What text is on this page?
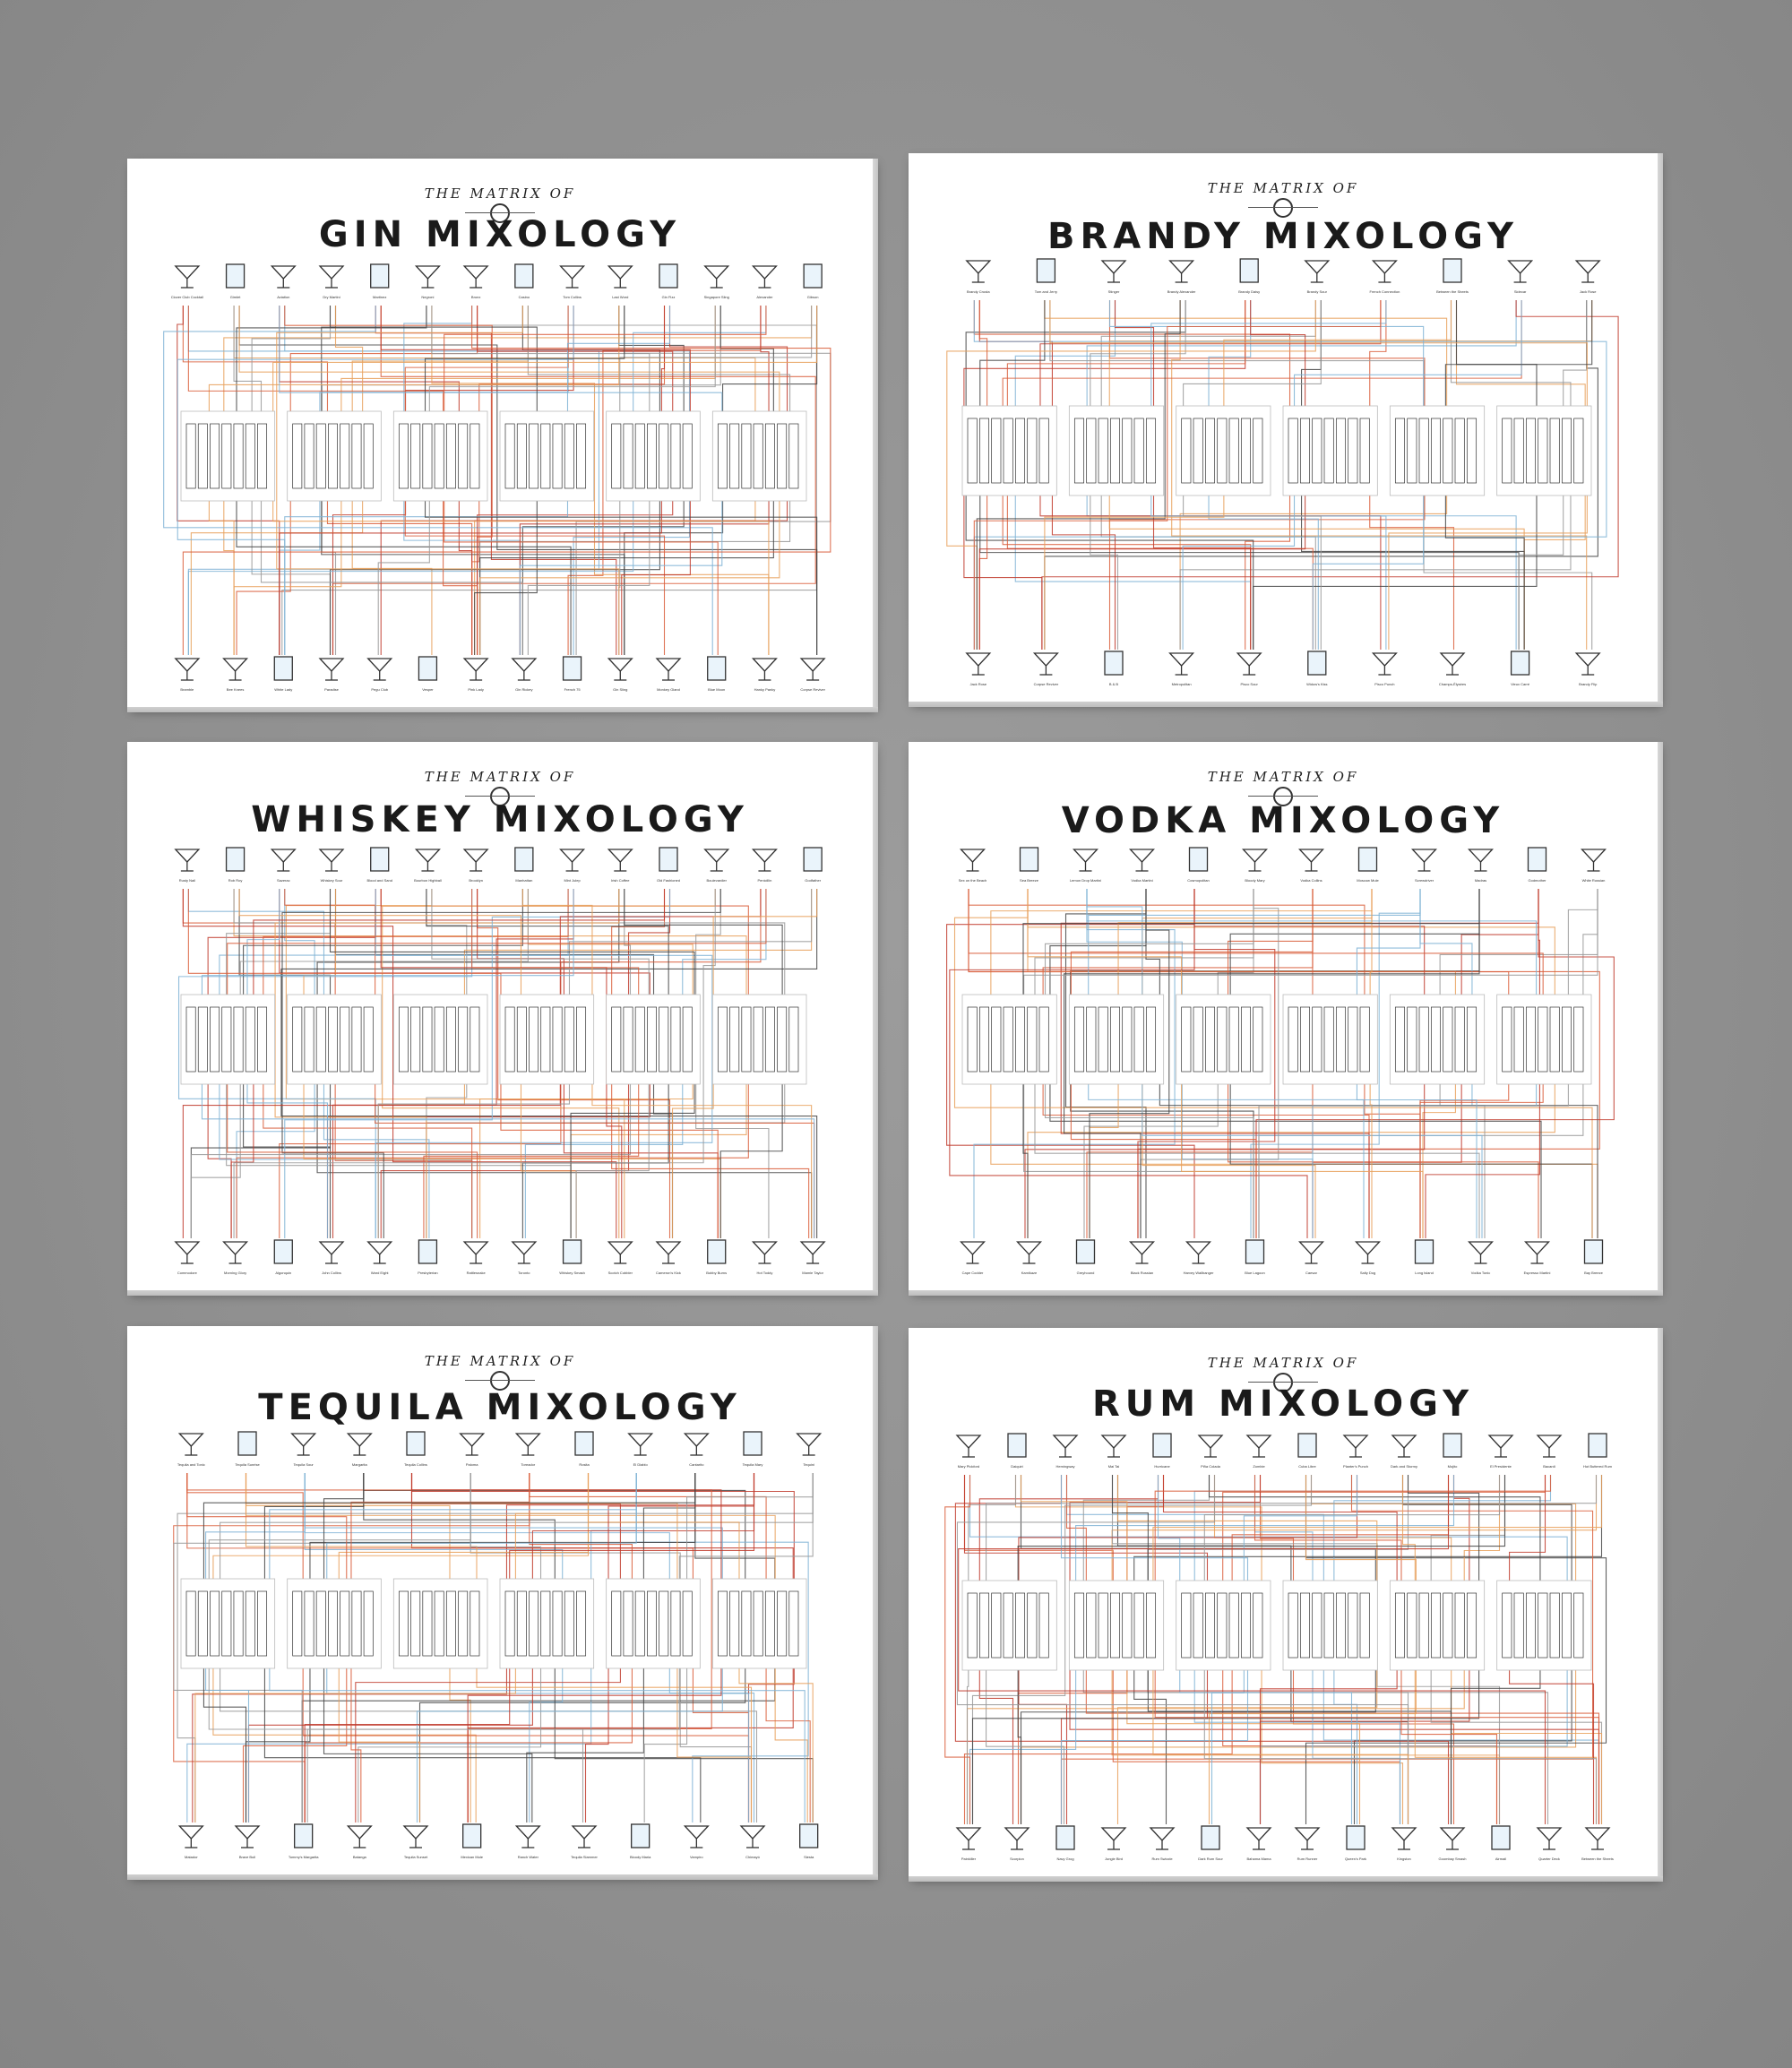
THE MATRIX OF
GIN MIXOLOGY
Clover Club Cocktail	Gimlet	Aviation	Dry Martini	Martinez	Negroni	Bronx	Casino	Tom Collins	Last Word	Gin Fizz	Singapore Sling	Alexander	Gibson
Bramble	Bee Knees	White Lady	Paradise	Pegu Club	Vesper	Pink Lady	Gin Rickey	French 75	Gin Sling	Monkey Gland	Blue Moon	Hanky Panky	Corpse Reviver
THE MATRIX OF
BRANDY MIXOLOGY
Brandy Crusta	Tom and Jerry	Stinger	Brandy Alexander	Brandy Daisy	Brandy Sour	French Connection	Between the Sheets	Sidecar	Jack Rose
Jack Rose	Corpse Reviver	B & B	Metropolitan	Pisco Sour	Widow's Kiss	Pisco Punch	Champs-Élysées	Vieux Carré	Brandy Flip
THE MATRIX OF
WHISKEY MIXOLOGY
Rusty Nail	Rob Roy	Sazerac	Whiskey Sour	Blood and Sand	Bourbon Highball	Brooklyn	Manhattan	Mint Julep	Irish Coffee	Old Fashioned	Boulevardier	Penicillin	Godfather
Commodore	Morning Glory	Algonquin	John Collins	Ward Eight	Presbyterian	Rattlesnake	Toronto	Whiskey Smash	Scotch Cobbler	Cameron's Kick	Bobby Burns	Hot Toddy	Mamie Taylor
THE MATRIX OF
VODKA MIXOLOGY
Sex on the Beach	Sea Breeze	Lemon Drop Martini	Vodka Martini	Cosmopolitan	Bloody Mary	Vodka Collins	Moscow Mule	Screwdriver	Madras	Godmother	White Russian
Cape Codder	Kamikaze	Greyhound	Black Russian	Harvey Wallbanger	Blue Lagoon	Caesar	Salty Dog	Long Island	Vodka Tonic	Espresso Martini	Bay Breeze
THE MATRIX OF
TEQUILA MIXOLOGY
Tequila and Tonic	Tequila Sunrise	Tequila Sour	Margarita	Tequila Collins	Paloma	Toreador	Rosita	El Diablo	Cantarito	Tequila Mary	Tequini
Matador	Brave Bull	Tommy's Margarita	Batanga	Tequila Sunset	Mexican Mule	Ranch Water	Tequila Slammer	Bloody Maria	Vampiro	Chimayó	Siesta
THE MATRIX OF
RUM MIXOLOGY
Mary Pickford	Daiquiri	Hemingway	Mai Tai	Hurricane	Piña Colada	Zombie	Cuba Libre	Planter's Punch	Dark and Stormy	Mojito	El Presidente	Bacardi	Hot Buttered Rum
Painkiller	Scorpion	Navy Grog	Jungle Bird	Rum Swizzle	Dark Rum Sour	Bahama Mama	Rum Runner	Queen's Park	Kingston	Goombay Smash	Airmail	Quarter Deck	Between the Sheets
